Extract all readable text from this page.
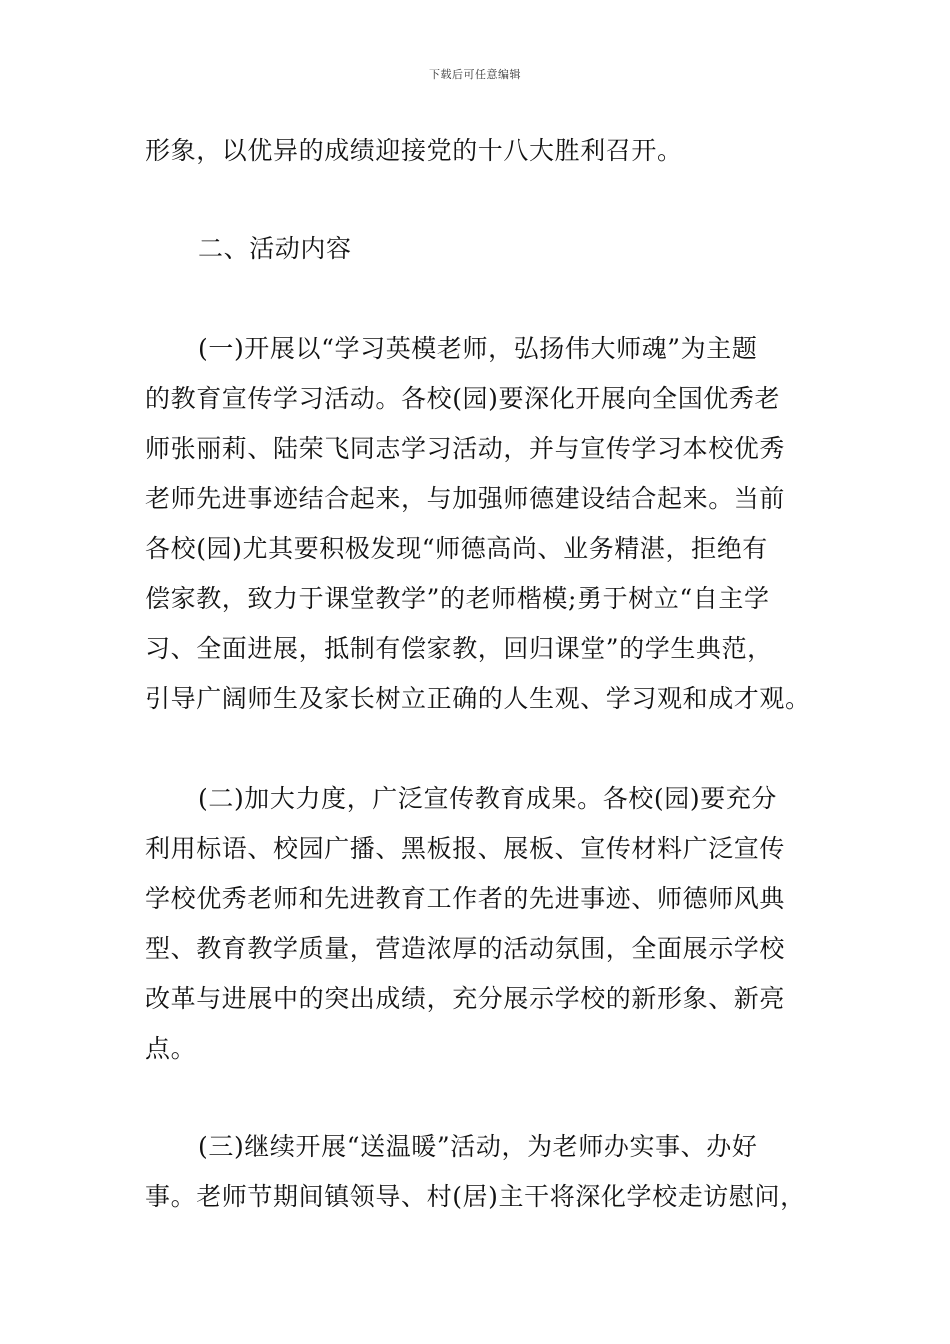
下载后可任意编辑
形象，以优异的成绩迎接党的十八大胜利召开。
二、活动内容
(一)开展以“学习英模老师，弘扬伟大师魂”为主题
的教育宣传学习活动。各校(园)要深化开展向全国优秀老
师张丽莉、陆荣飞同志学习活动，并与宣传学习本校优秀
老师先进事迹结合起来，与加强师德建设结合起来。当前
各校(园)尤其要积极发现“师德高尚、业务精湛，拒绝有
偿家教，致力于课堂教学”的老师楷模;勇于树立“自主学
习、全面进展，抵制有偿家教，回归课堂”的学生典范，
引导广阔师生及家长树立正确的人生观、学习观和成才观。
(二)加大力度，广泛宣传教育成果。各校(园)要充分
利用标语、校园广播、黑板报、展板、宣传材料广泛宣传
学校优秀老师和先进教育工作者的先进事迹、师德师风典
型、教育教学质量，营造浓厚的活动氛围，全面展示学校
改革与进展中的突出成绩，充分展示学校的新形象、新亮
点。
(三)继续开展“送温暖”活动，为老师办实事、办好
事。老师节期间镇领导、村(居)主干将深化学校走访慰问，
